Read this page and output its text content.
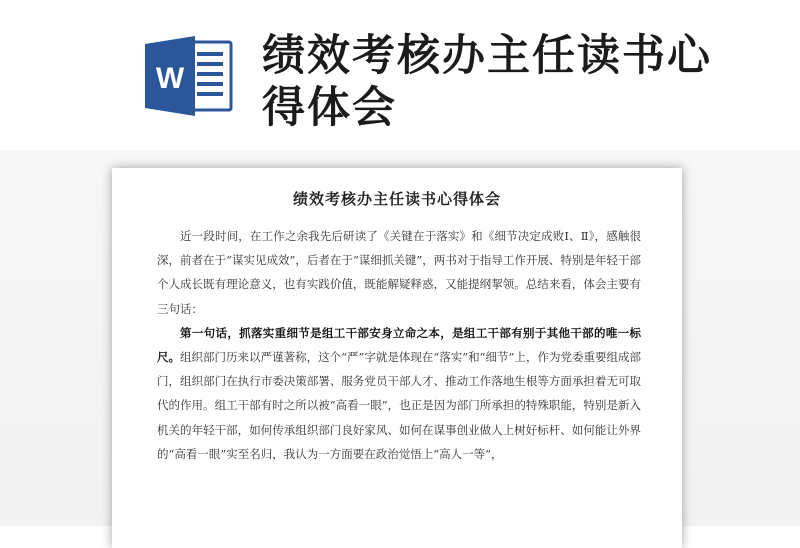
W 绩效考核办主任读书心得体会
绩效考核办主任读书心得体会

近一段时间，在工作之余我先后研读了《关键在于落实》和《细节决定成败Ⅰ、Ⅱ》，感触很深，前者在于“谋实见成效”，后者在于“谋细抓关键”，两书对于指导工作开展、特别是年轻干部个人成长既有理论意义，也有实践价值，既能解疑释惑，又能提纲挈领。总结来看，体会主要有三句话：

第一句话，抓落实重细节是组工干部安身立命之本，是组工干部有别于其他干部的唯一标尺。组织部门历来以严谨著称，这个“严”字就是体现在“落实”和“细节”上，作为党委重要组成部门，组织部门在执行市委决策部署、服务党员干部人才、推动工作落地生根等方面承担着无可取代的作用。组工干部有时之所以被“高看一眼”，也正是因为部门所承担的特殊职能，特别是新入机关的年轻干部，如何传承组织部门良好家风、如何在谋事创业做人上树好标杆、如何能让外界的“高看一眼”实至名归，我认为一方面要在政治觉悟上“高人一等”，
